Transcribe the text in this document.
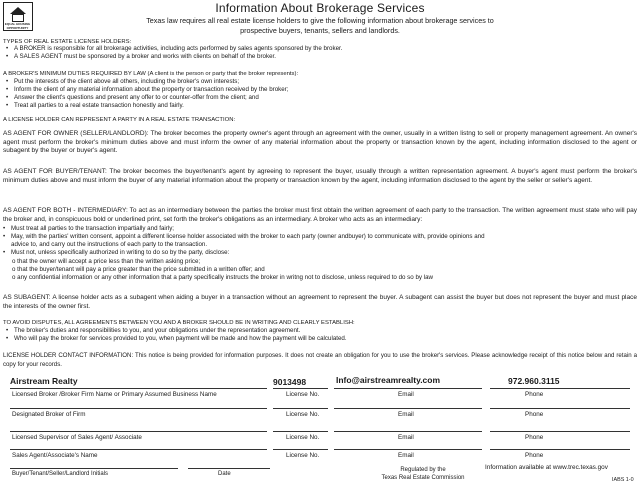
EQUAL HOUSING
OPPORTUNITY
Information About Brokerage Services
Texas law requires all real estate license holders to give the following information about brokerage services to prospective buyers, tenants, sellers and landlords.
TYPES OF REAL ESTATE LICENSE HOLDERS:
• A BROKER is responsible for all brokerage activities, including acts performed by sales agents sponsored by the broker.
• A SALES AGENT must be sponsored by a broker and works with clients on behalf of the broker.
A BROKER'S MINIMUM DUTIES REQUIRED BY LAW (A client is the person or party that the broker represents):
• Put the interests of the client above all others, including the broker's own interests;
• Inform the client of any material information about the property or transaction received by the broker;
• Answer the client's questions and present any offer to or counter-offer from the client; and
• Treat all parties to a real estate transaction honestly and fairly.
A LICENSE HOLDER CAN REPRESENT A PARTY IN A REAL ESTATE TRANSACTION:
AS AGENT FOR OWNER (SELLER/LANDLORD): The broker becomes the property owner's agent through an agreement with the owner, usually in a written listng to sell or property management agreement. An owner's agent must perform the broker's minimum duties above and must inform the owner of any material information about the property or transaction known by the agent, including information disclosed to the agent or subagent by the buyer or buyer's agent.
AS AGENT FOR BUYER/TENANT: The broker becomes the buyer/tenant's agent by agreeing to represent the buyer, usually through a written representation agreement. A buyer's agent must perform the broker's minimum duties above and must inform the buyer of any material information about the property or transaction known by the agent, including information disclosed to the agent by the seller or seller's agent.
AS AGENT FOR BOTH - INTERMEDIARY: To act as an intermediary between the parties the broker must first obtain the written agreement of each party to the transaction. The written agreement must state who will pay the broker and, in conspicuous bold or underlined print, set forth the broker's obligations as an intermediary. A broker who acts as an intermediary:
• Must treat all parties to the transaction impartially and fairly;
• May, with the parties' written consent, appoint a different license holder associated with the broker to each party (owner andbuyer) to communicate with, provide opinions and
advice to, and carry out the instructions of each party to the transaction.
• Must not, unless specifically authorized in writing to do so by the party, disclose:
o that the owner will accept a price less than the written asking price;
o that the buyer/tenant will pay a price greater than the price submitted in a written offer; and
o any confidential information or any other information that a party specifically instructs the broker in writng not to disclose, unless required to do so by law
AS SUBAGENT: A license holder acts as a subagent when aiding a buyer in a transaction without an agreement to represent the buyer. A subagent can assist the buyer but does not represent the buyer and must place the interests of the owner first.
TO AVOID DISPUTES, ALL AGREEMENTS BETWEEN YOU AND A BROKER SHOULD BE IN WRITING AND CLEARLY ESTABLISH:
• The broker's duties and responsibilities to you, and your obligations under the representation agreement.
• Who will pay the broker for services provided to you, when payment will be made and how the payment will be calculated.
LICENSE HOLDER CONTACT INFORMATION: This notice is being provided for information purposes. It does not create an obligation for you to use the broker's services. Please acknowledge receipt of this notice below and retain a copy for your records.
Airstream Realty	9013498	Info@airstreamrealty.com	972.960.3115
Licensed Broker /Broker Firm Name or Primary Assumed Business Name	License No.	Email	Phone
Designated Broker of Firm	License No.	Email	Phone
Licensed Supervisor of Sales Agent/ Associate	License No.	Email	Phone
Sales Agent/Associate's Name	License No.	Email	Phone
Buyer/Tenant/Seller/Landlord Initials	Date
Regulated by the
Texas Real Estate Commission
Information available at www.trec.texas.gov
IABS 1-0
